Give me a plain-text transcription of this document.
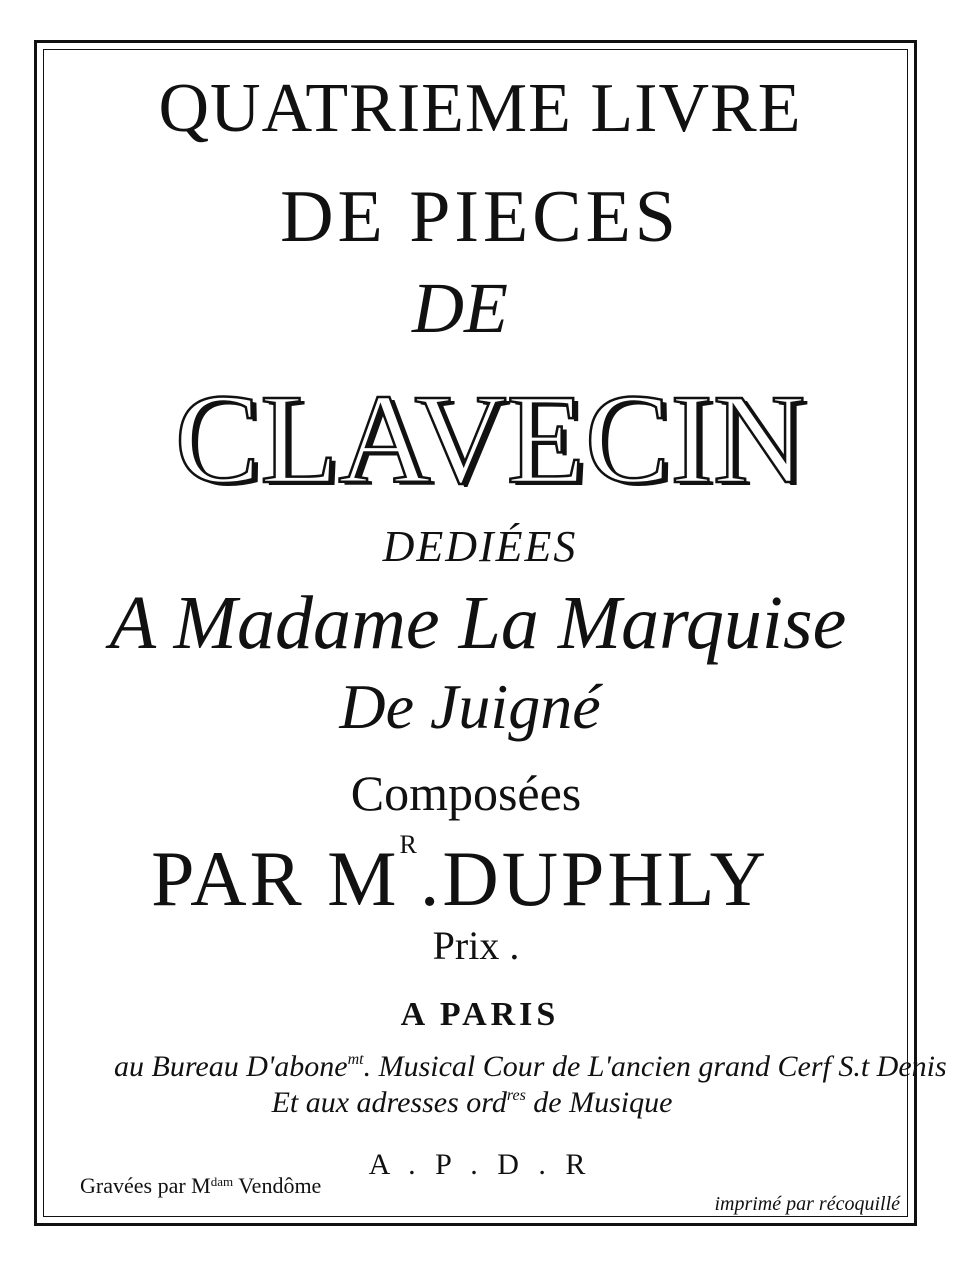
QUATRIEME LIVRE
DE PIECES
DE
CLAVECIN
DEDIÉES
A Madame La Marquise
De Juigné
Composées
PAR $M^R.DUPHLY$
Prix .
A PARIS
au Bureau D'abone$^{mt}$. Musical Cour de L'ancien grand Cerf S.t Denis
Et aux adresses ord$^{res}$ de Musique
A . P . D . R
Gravées par $M^{dam}$ Vendôme
imprimé par récoquillé
